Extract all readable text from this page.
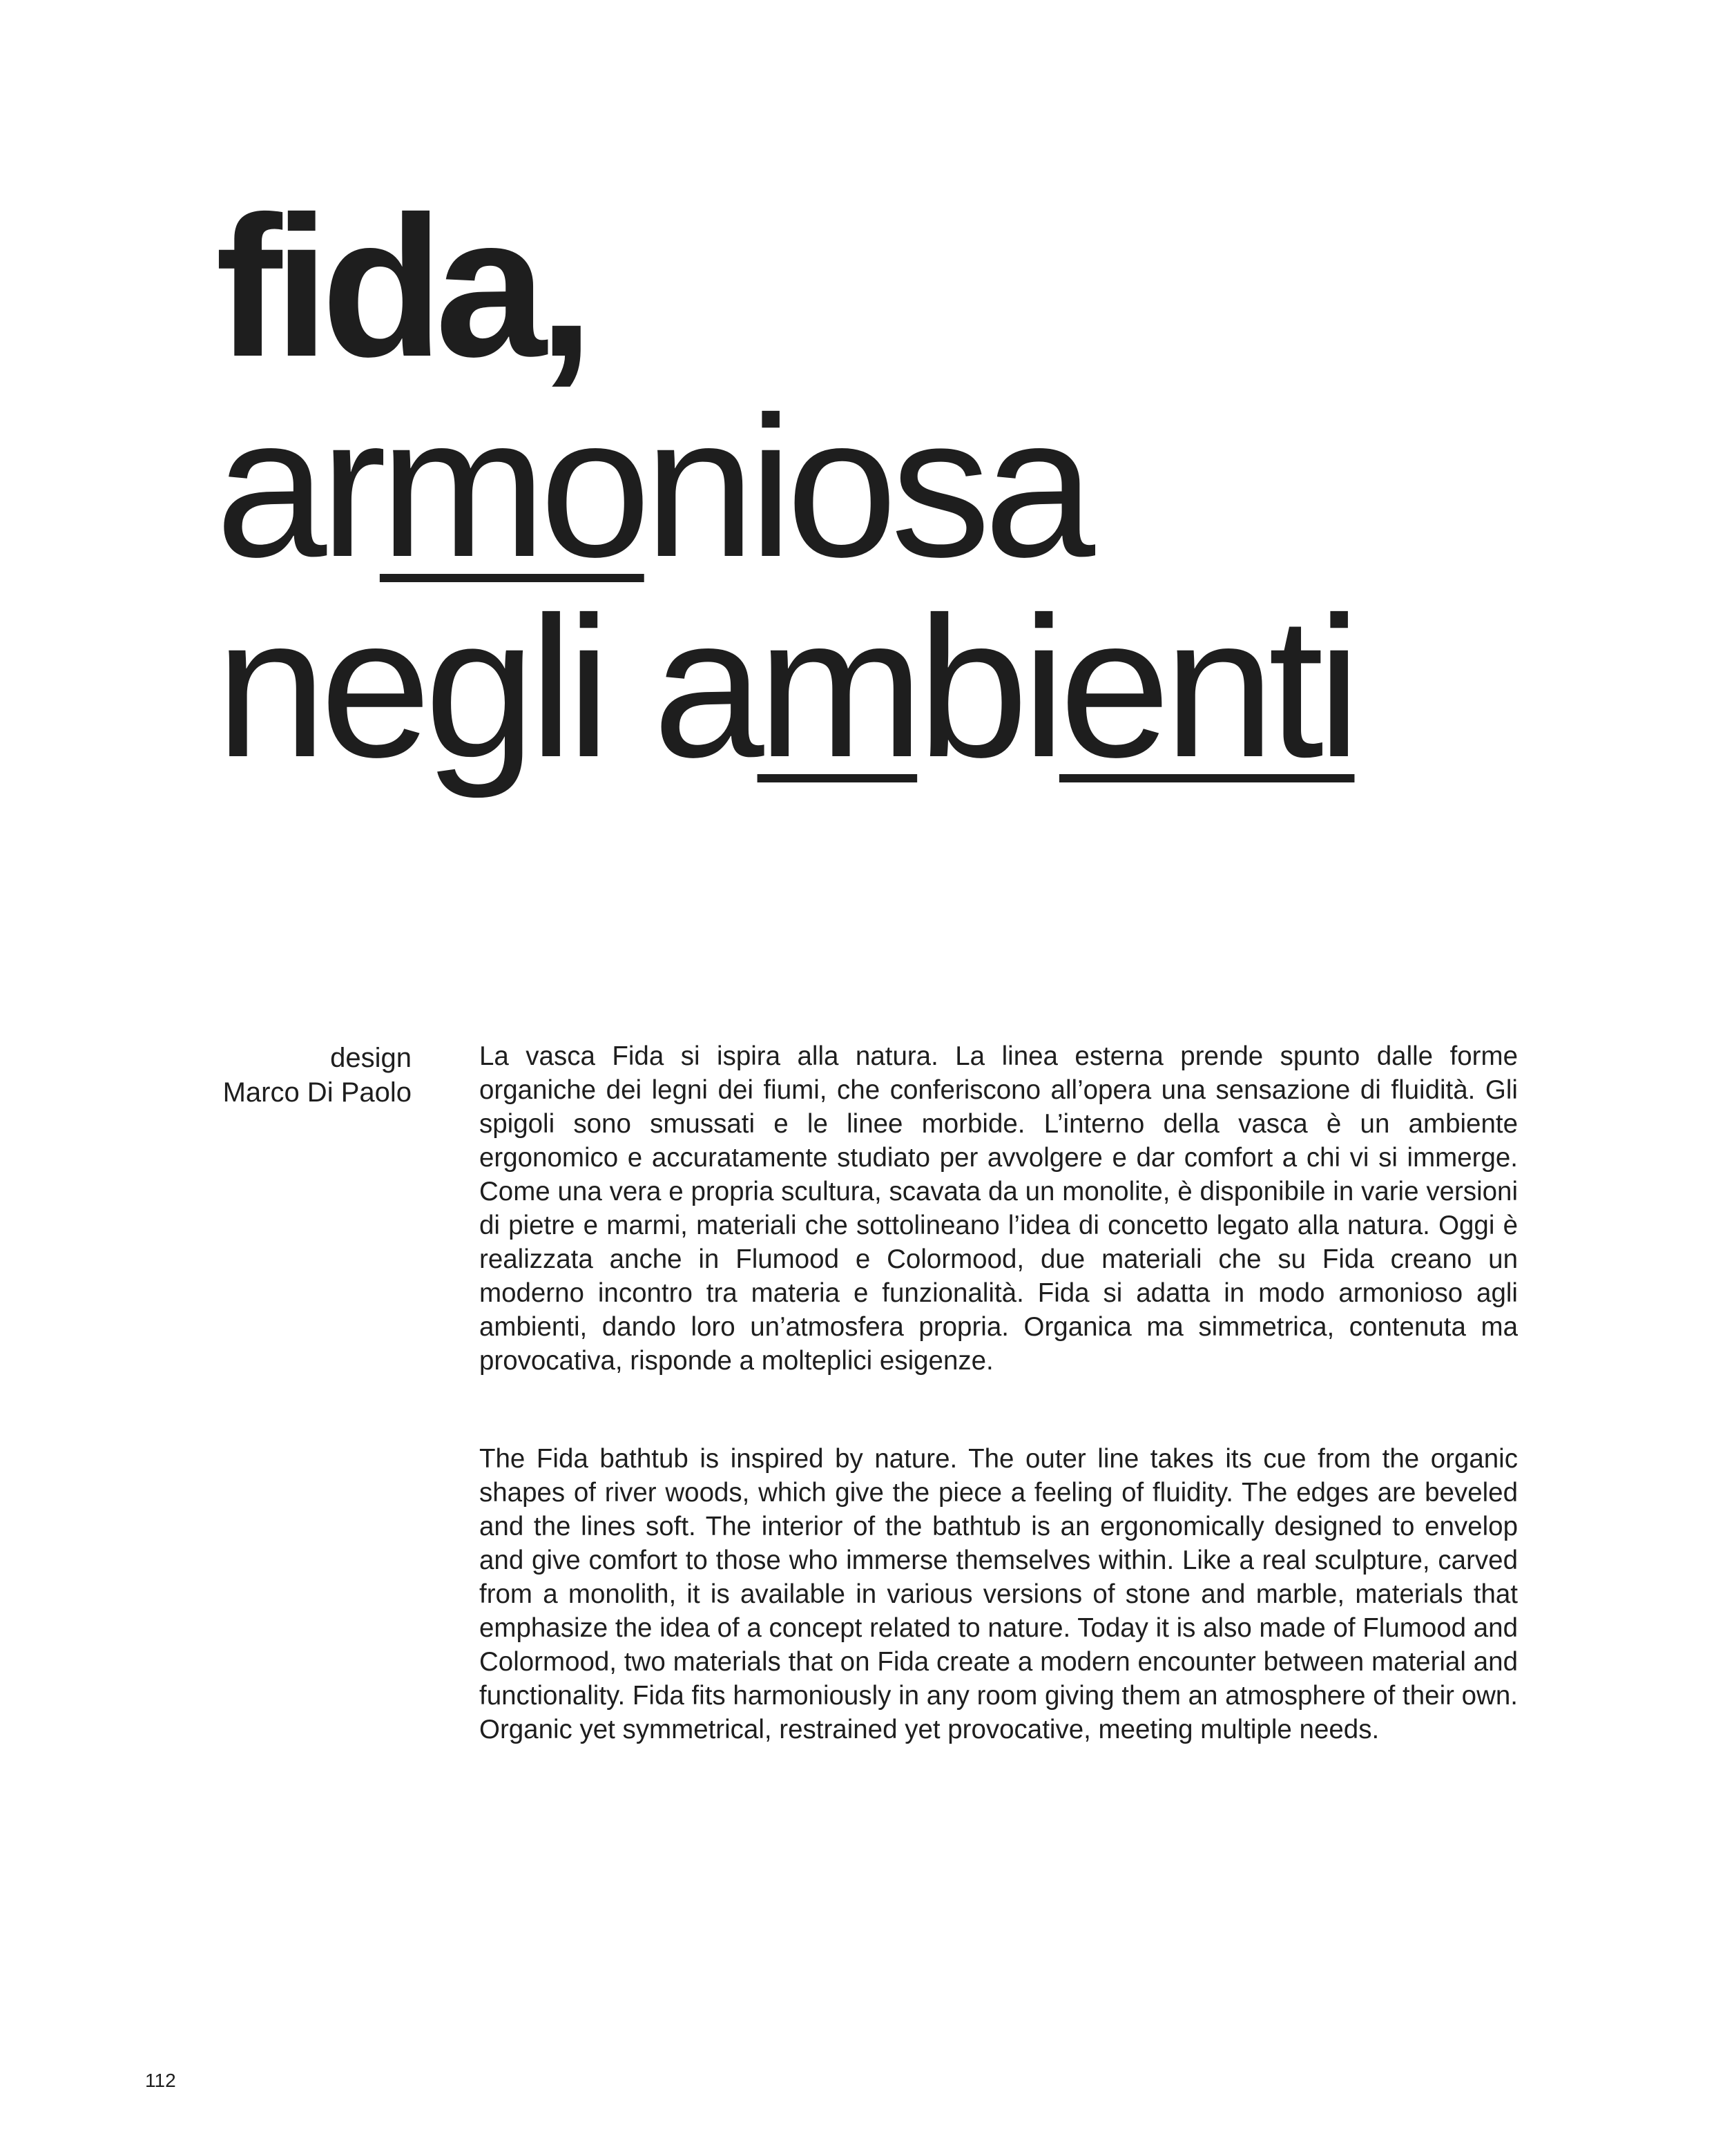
fida,
armoniosa
negli ambienti
design
Marco Di Paolo

La vasca Fida si ispira alla natura. La linea esterna prende spunto dalle forme organiche dei legni dei fiumi, che conferiscono all’opera una sensazione di fluidità. Gli spigoli sono smussati e le linee morbide. L’interno della vasca è un ambiente ergonomico e accuratamente studiato per avvolgere e dar comfort a chi vi si immerge. Come una vera e propria scultura, scavata da un monolite, è disponibile in varie versioni di pietre e marmi, materiali che sottolineano l’idea di concetto legato alla natura. Oggi è realizzata anche in Flumood e Colormood, due materiali che su Fida creano un moderno incontro tra materia e funzionalità. Fida si adatta in modo armonioso agli ambienti, dando loro un’atmosfera propria. Organica ma simmetrica, contenuta ma provocativa, risponde a molteplici esigenze.

The Fida bathtub is inspired by nature. The outer line takes its cue from the organic shapes of river woods, which give the piece a feeling of fluidity. The edges are beveled and the lines soft. The interior of the bathtub is an ergonomically designed to envelop and give comfort to those who immerse themselves within. Like a real sculpture, carved from a monolith, it is available in various versions of stone and marble, materials that emphasize the idea of a concept related to nature. Today it is also made of Flumood and Colormood, two materials that on Fida create a modern encounter between material and functionality. Fida fits harmoniously in any room giving them an atmosphere of their own. Organic yet symmetrical, restrained yet provocative, meeting multiple needs.

112
